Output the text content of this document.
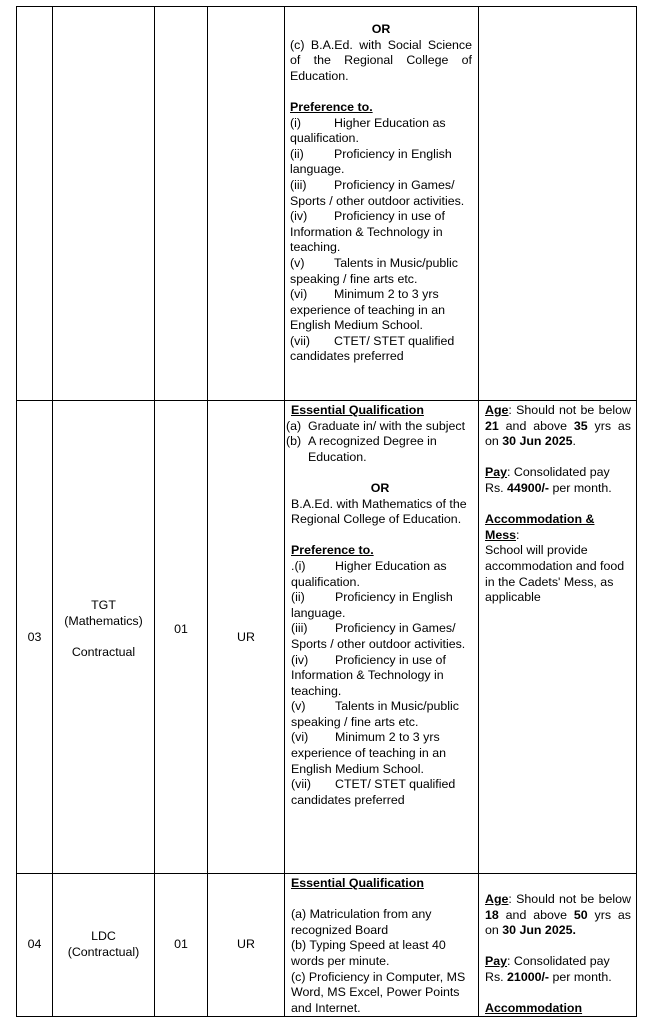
OR
(c) B.A.Ed. with Social Science of the Regional College of Education.
Preference to.
(i)	Higher Education as qualification.
(ii) Proficiency in English language.
(iii) Proficiency in Games/ Sports / other outdoor activities.
(iv) Proficiency in use of Information & Technology in teaching.
(v) Talents in Music/public speaking / fine arts etc.
(vi) Minimum 2 to 3 yrs experience of teaching in an English Medium School.
(vii) CTET/ STET qualified candidates preferred
03
TGT
(Mathematics)
Contractual
01
UR
Essential Qualification
(a) Graduate in/ with the subject
(b) A recognized Degree in Education.
OR
B.A.Ed. with Mathematics of the Regional College of Education.
Preference to.
.(i) Higher Education as qualification.
(ii) Proficiency in English language.
(iii) Proficiency in Games/ Sports / other outdoor activities.
(iv) Proficiency in use of Information & Technology in teaching.
(v) Talents in Music/public speaking / fine arts etc.
(vi) Minimum 2 to 3 yrs experience of teaching in an English Medium School.
(vii) CTET/ STET qualified candidates preferred
Age: Should not be below 21 and above 35 yrs as on 30 Jun 2025.
Pay: Consolidated pay Rs. 44900/- per month.
Accommodation & Mess:
School will provide accommodation and food in the Cadets' Mess, as applicable
04
LDC
(Contractual)
01	UR
Essential Qualification
(a) Matriculation from any recognized Board
(b) Typing Speed at least 40 words per minute.
(c) Proficiency in Computer, MS Word, MS Excel, Power Points and Internet.
Age: Should not be below 18 and above 50 yrs as on 30 Jun 2025.
Pay: Consolidated pay Rs. 21000/- per month.
Accommodation
